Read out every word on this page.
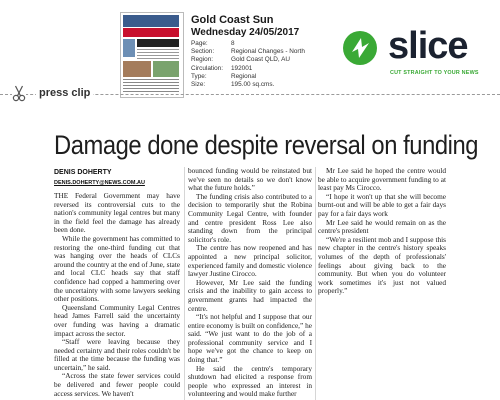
Gold Coast Sun
Wednesday 24/05/2017
Page:	8
Section:	Regional Changes - North
Region:	Gold Coast QLD, AU
Circulation:	192001
Type:	Regional
Size:	195.00 sq.cms.
slice
CUT STRAIGHT TO YOUR NEWS
press clip
Damage done despite reversal on funding
DENIS DOHERTY
DENIS.DOHERTY@NEWS.COM.AU

THE Federal Government may have reversed its controversial cuts to the nation's community legal centres but many in the field feel the damage has already been done.

While the government has committed to restoring the one-third funding cut that was hanging over the heads of CLCs around the country at the end of June, state and local CLC heads say that staff confidence had copped a hammering over the uncertainty with some lawyers seeking other positions.

Queensland Community Legal Centres head James Farrell said the uncertainty over funding was having a dramatic impact across the sector.

“Staff were leaving because they needed certainty and their roles couldn't be filled at the time because the funding was uncertain,” he said.

“Across the state fewer services could be delivered and fewer people could access services. We haven't

bounced funding would be reinstated but we've seen no details so we don't know what the future holds.”

The funding crisis also contributed to a decision to temporarily shut the Robina Community Legal Centre, with founder and centre president Ross Lee also standing down from the principal solicitor's role.

The centre has now reopened and has appointed a new principal solicitor, experienced family and domestic violence lawyer Justine Cirocco.

However, Mr Lee said the funding crisis and the inability to gain access to government grants had impacted the centre.

“It's not helpful and I suppose that our entire economy is built on confidence,” he said. “We just want to do the job of a professional community service and I hope we've got the chance to keep on doing that.”

He said the centre's temporary shutdown had elicited a response from people who expressed an interest in volunteering and would make further

Mr Lee said he hoped the centre would be able to acquire government funding to at least pay Ms Cirocco.

“I hope it won't up that she will become burnt-out and will be able to get a fair days pay for a fair days work

Mr Lee said he would remain on as the centre's president

“We're a resilient mob and I suppose this new chapter in the centre's history speaks volumes of the depth of professionals' feelings about giving back to the community. But when you do volunteer work sometimes it's just not valued properly.”
